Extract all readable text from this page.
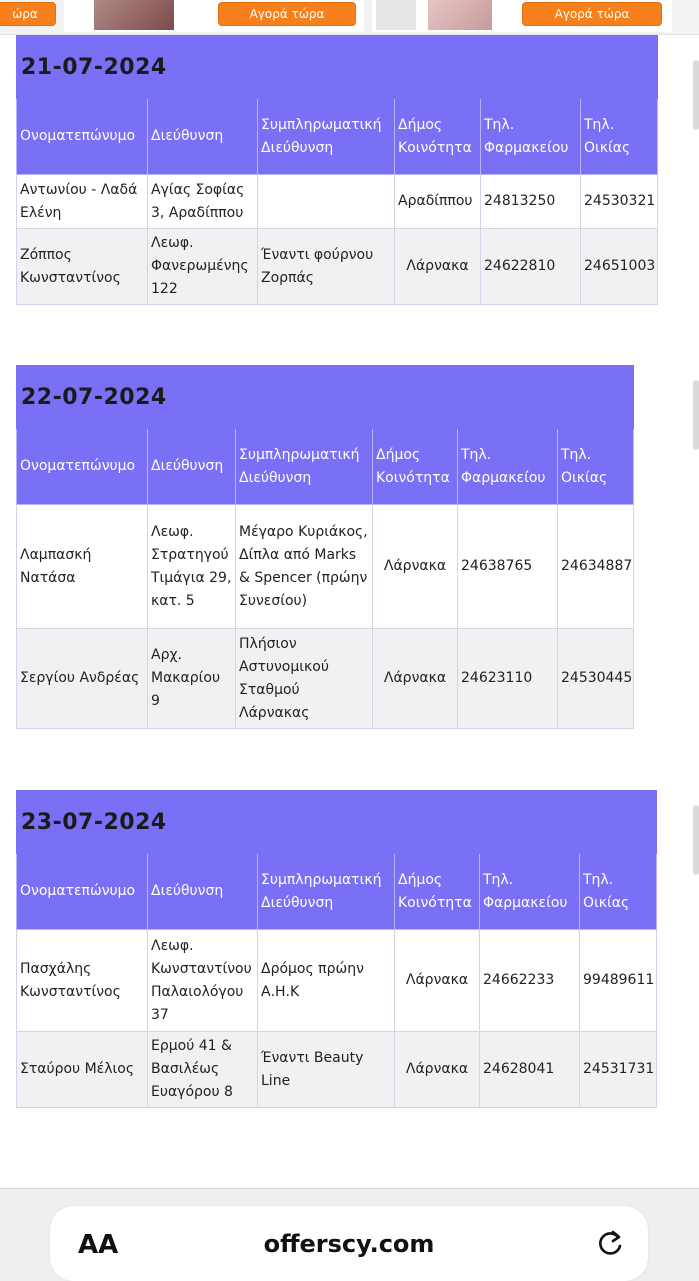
ώρα	Αγορά τώρα	Αγορά τώρα
21-07-2024					
Ονοματεπώνυμο	Διεύθυνση	Συμπληρωματική Διεύθυνση	Δήμος Κοινότητα	Τηλ. Φαρμακείου	Τηλ. Οικίας
Αντωνίου - Λαδά Ελένη	Αγίας Σοφίας 3, Αραδίππου		Αραδίππου	24813250	24530321
Ζόππος Κωνσταντίνος	Λεωφ. Φανερωμένης 122	Έναντι φούρνου Ζορπάς	Λάρνακα	24622810	24651003
22-07-2024					
Ονοματεπώνυμο	Διεύθυνση	Συμπληρωματική Διεύθυνση	Δήμος Κοινότητα	Τηλ. Φαρμακείου	Τηλ. Οικίας
Λαμπασκή Νατάσα	Λεωφ. Στρατηγού Τιμάγια 29, κατ. 5	Μέγαρο Κυριάκος, Δίπλα από Marks & Spencer (πρώην Συνεσίου)	Λάρνακα	24638765	24634887
Σεργίου Ανδρέας	Αρχ. Μακαρίου 9	Πλήσιον Αστυνομικού Σταθμού Λάρνακας	Λάρνακα	24623110	24530445
23-07-2024					
Ονοματεπώνυμο	Διεύθυνση	Συμπληρωματική Διεύθυνση	Δήμος Κοινότητα	Τηλ. Φαρμακείου	Τηλ. Οικίας
Πασχάλης Κωνσταντίνος	Λεωφ. Κωνσταντίνου Παλαιολόγου 37	Δρόμος πρώην Α.Η.Κ	Λάρνακα	24662233	99489611
Σταύρου Μέλιος	Ερμού 41 & Βασιλέως Ευαγόρου 8	Έναντι Beauty Line	Λάρνακα	24628041	24531731
AA	offerscy.com
